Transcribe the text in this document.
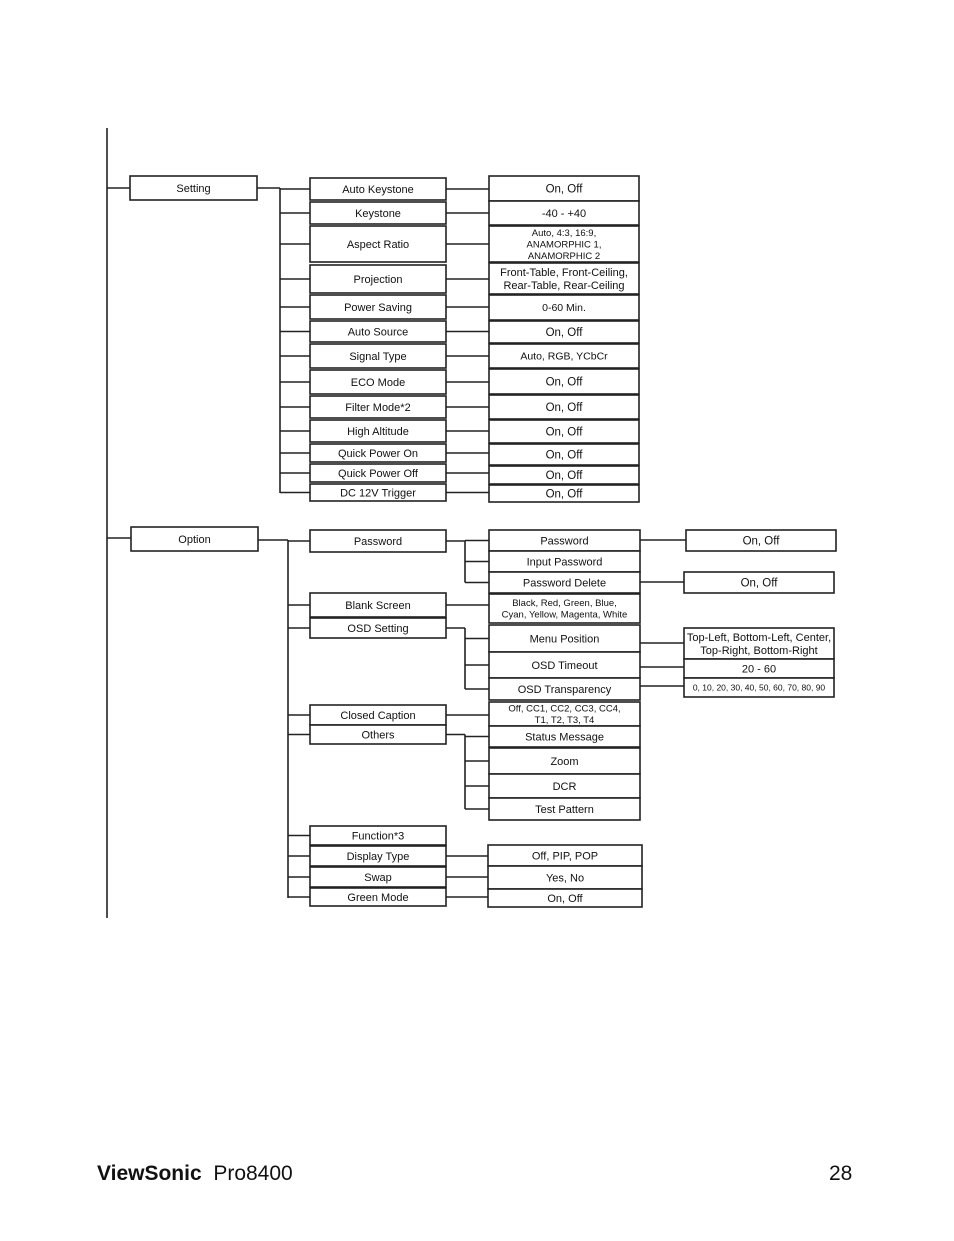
Setting	Auto Keystone	On, Off
Keystone	-40 - +40
Aspect Ratio
Auto, 4:3, 16:9,
ANAMORPHIC 1,
ANAMORPHIC 2
Projection
Front-Table, Front-Ceiling,
Rear-Table, Rear-Ceiling
Power Saving	0-60 Min.
Auto Source	On, Off
Signal Type	Auto, RGB, YCbCr
ECO Mode	On, Off
Filter Mode*2	On, Off
High Altitude	On, Off
Quick Power On	On, Off
Quick Power Off	On, Off
DC 12V Trigger	On, Off
Option	Password
Blank Screen
OSD Setting
Closed Caption
Others
Function*3
Display Type
Swap
Green Mode
Password
Input Password
Password Delete
On, Off
On, Off
Black, Red, Green, Blue,
Cyan, Yellow, Magenta, White
Menu Position
OSD Timeout
OSD Transparency
Top-Left, Bottom-Left, Center,
Top-Right, Bottom-Right
20 - 60
0, 10, 20, 30, 40, 50, 60, 70, 80, 90
Off, CC1, CC2, CC3, CC4,
T1, T2, T3, T4
Status Message
Zoom
DCR
Test Pattern
Off, PIP, POP
Yes, No
On, Off
ViewSonic Pro8400	28
